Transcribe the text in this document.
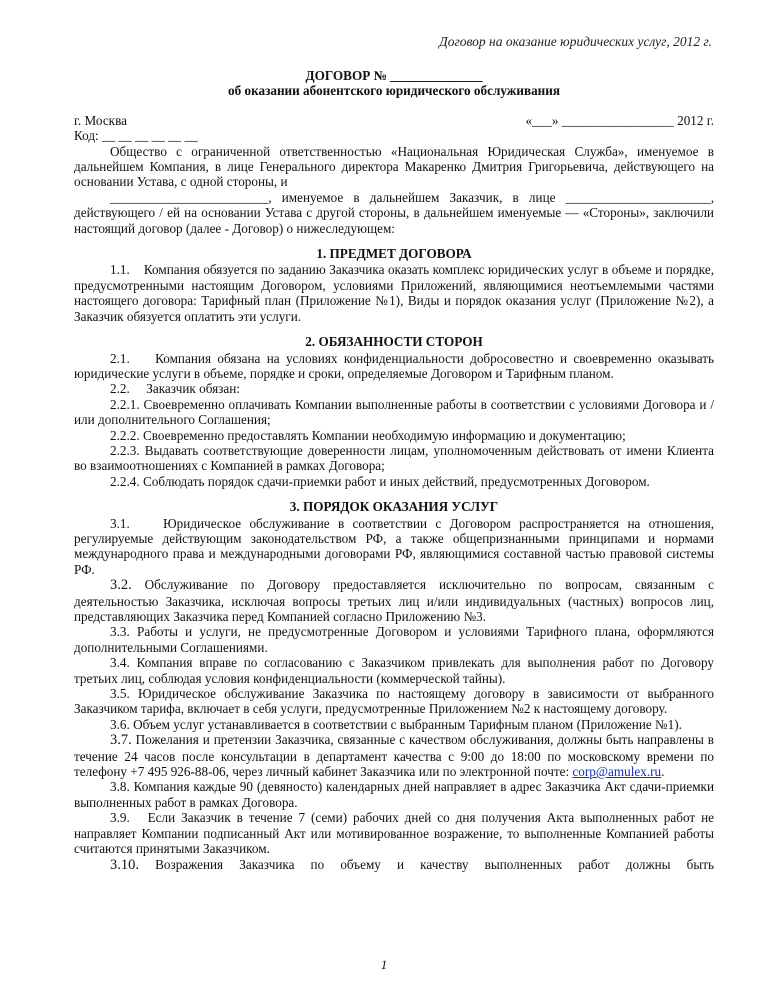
Договор на оказание юридических услуг, 2012 г.

ДОГОВОР № ______________

об оказании абонентского юридического обслуживания

г. Москва	«___» _________________ 2012 г.

Код: __ __ __ __ __ __

Общество с ограниченной ответственностью «Национальная Юридическая Служба», именуемое в дальнейшем Компания, в лице Генерального директора Макаренко Дмитрия Григорьевича, действующего на основании Устава, с одной стороны, и

________________________, именуемое в дальнейшем Заказчик, в лице ______________________, действующего / ей на основании Устава с другой стороны, в дальнейшем именуемые — «Стороны», заключили настоящий договор (далее - Договор) о нижеследующем:

1. ПРЕДМЕТ ДОГОВОРА

1.1. Компания обязуется по заданию Заказчика оказать комплекс юридических услуг в объеме и порядке, предусмотренными настоящим Договором, условиями Приложений, являющимися неотъемлемыми частями настоящего договора: Тарифный план (Приложение №1), Виды и порядок оказания услуг (Приложение №2), а Заказчик обязуется оплатить эти услуги.

2. ОБЯЗАННОСТИ СТОРОН

2.1. Компания обязана на условиях конфиденциальности добросовестно и своевременно оказывать юридические услуги в объеме, порядке и сроки, определяемые Договором и Тарифным планом.

2.2. Заказчик обязан:

2.2.1. Своевременно оплачивать Компании выполненные работы в соответствии с условиями Договора и / или дополнительного Соглашения;

2.2.2. Своевременно предоставлять Компании необходимую информацию и документацию;

2.2.3. Выдавать соответствующие доверенности лицам, уполномоченным действовать от имени Клиента во взаимоотношениях с Компанией в рамках Договора;

2.2.4. Соблюдать порядок сдачи-приемки работ и иных действий, предусмотренных Договором.

3. ПОРЯДОК ОКАЗАНИЯ УСЛУГ

3.1.	Юридическое обслуживание в соответствии с Договором распространяется на отношения, регулируемые действующим законодательством РФ, а также общепризнанными принципами и нормами международного права и международными договорами РФ, являющимися составной частью правовой системы РФ.

3.2. Обслуживание по Договору предоставляется исключительно по вопросам, связанным с деятельностью Заказчика, исключая вопросы третьих лиц и/или индивидуальных (частных) вопросов лиц, представляющих Заказчика перед Компанией согласно Приложению №3.

3.3. Работы и услуги, не предусмотренные Договором и условиями Тарифного плана, оформляются дополнительными Соглашениями.

3.4. Компания вправе по согласованию с Заказчиком привлекать для выполнения работ по Договору третьих лиц, соблюдая условия конфиденциальности (коммерческой тайны).

3.5. Юридическое обслуживание Заказчика по настоящему договору в зависимости от выбранного Заказчиком тарифа, включает в себя услуги, предусмотренные Приложением №2 к настоящему договору.

3.6. Объем услуг устанавливается в соответствии с выбранным Тарифным планом (Приложение №1).

3.7. Пожелания и претензии Заказчика, связанные с качеством обслуживания, должны быть направлены в течение 24 часов после консультации в департамент качества с 9:00 до 18:00 по московскому времени по телефону +7 495 926-88-06, через личный кабинет Заказчика или по электронной почте: corp@amulex.ru.

3.8. Компания каждые 90 (девяносто) календарных дней направляет в адрес Заказчика Акт сдачи-приемки выполненных работ в рамках Договора.

3.9. Если Заказчик в течение 7 (семи) рабочих дней со дня получения Акта выполненных работ не направляет Компании подписанный Акт или мотивированное возражение, то выполненные Компанией работы считаются принятыми Заказчиком.

3.10. Возражения Заказчика по объему и качеству выполненных работ должны быть

1
